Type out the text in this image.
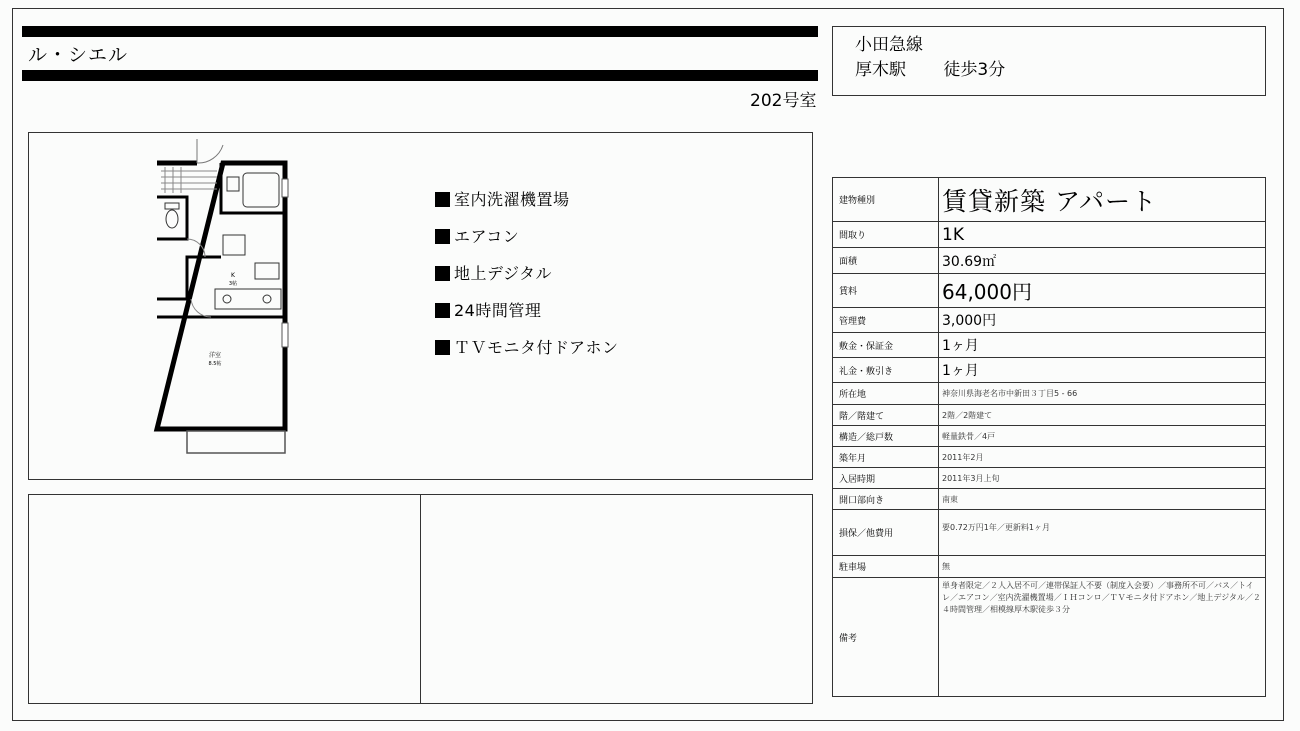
ル・シエル
202号室
小田急線
厚木駅 徒歩3分
K
3帖
洋室
8.5帖
室内洗濯機置場
エアコン
地上デジタル
24時間管理
ＴＶモニタ付ドアホン
建物種別	賃貸新築 アパート
間取り	1K
面積	30.69㎡
賃料	64,000円
管理費	3,000円
敷金・保証金	1ヶ月
礼金・敷引き	1ヶ月
所在地	神奈川県海老名市中新田３丁目5 - 66
階／階建て	2階／2階建て
構造／総戸数	軽量鉄骨／4戸
築年月	2011年2月
入居時期	2011年3月上旬
開口部向き	南東
損保／他費用	要0.72万円1年／更新料1ヶ月
駐車場	無
備考	単身者限定／２人入居不可／連帯保証人不要（制度入会要）／事務所不可／バス／トイレ／エアコン／室内洗濯機置場／ＩＨコンロ／ＴＶモニタ付ドアホン／地上デジタル／２４時間管理／相模線厚木駅徒歩３分
